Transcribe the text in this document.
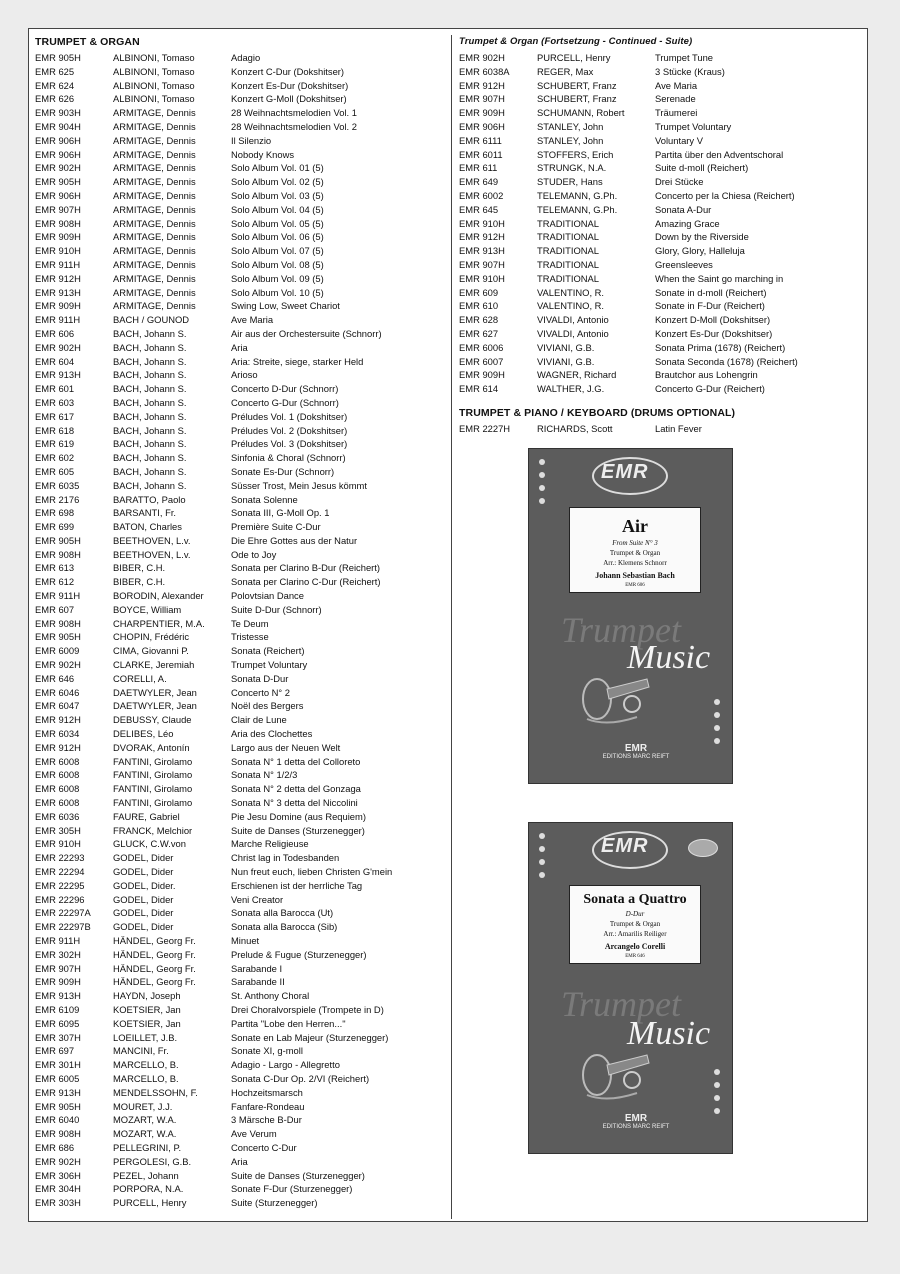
TRUMPET & ORGAN
EMR 905H	ALBINONI, Tomaso	Adagio
EMR 625	ALBINONI, Tomaso	Konzert C-Dur (Dokshitser)
EMR 624	ALBINONI, Tomaso	Konzert Es-Dur (Dokshitser)
EMR 626	ALBINONI, Tomaso	Konzert G-Moll (Dokshitser)
EMR 903H	ARMITAGE, Dennis	28 Weihnachtsmelodien Vol. 1
EMR 904H	ARMITAGE, Dennis	28 Weihnachtsmelodien Vol. 2
EMR 906H	ARMITAGE, Dennis	Il Silenzio
EMR 906H	ARMITAGE, Dennis	Nobody Knows
EMR 902H	ARMITAGE, Dennis	Solo Album Vol. 01 (5)
EMR 905H	ARMITAGE, Dennis	Solo Album Vol. 02 (5)
EMR 906H	ARMITAGE, Dennis	Solo Album Vol. 03 (5)
EMR 907H	ARMITAGE, Dennis	Solo Album Vol. 04 (5)
EMR 908H	ARMITAGE, Dennis	Solo Album Vol. 05 (5)
EMR 909H	ARMITAGE, Dennis	Solo Album Vol. 06 (5)
EMR 910H	ARMITAGE, Dennis	Solo Album Vol. 07 (5)
EMR 911H	ARMITAGE, Dennis	Solo Album Vol. 08 (5)
EMR 912H	ARMITAGE, Dennis	Solo Album Vol. 09 (5)
EMR 913H	ARMITAGE, Dennis	Solo Album Vol. 10 (5)
EMR 909H	ARMITAGE, Dennis	Swing Low, Sweet Chariot
EMR 911H	BACH / GOUNOD	Ave Maria
EMR 606	BACH, Johann S.	Air aus der Orchestersuite (Schnorr)
EMR 902H	BACH, Johann S.	Aria
EMR 604	BACH, Johann S.	Aria: Streite, siege, starker Held
EMR 913H	BACH, Johann S.	Arioso
EMR 601	BACH, Johann S.	Concerto D-Dur (Schnorr)
EMR 603	BACH, Johann S.	Concerto G-Dur (Schnorr)
EMR 617	BACH, Johann S.	Préludes Vol. 1 (Dokshitser)
EMR 618	BACH, Johann S.	Préludes Vol. 2 (Dokshitser)
EMR 619	BACH, Johann S.	Préludes Vol. 3 (Dokshitser)
EMR 602	BACH, Johann S.	Sinfonia & Choral (Schnorr)
EMR 605	BACH, Johann S.	Sonate Es-Dur (Schnorr)
EMR 6035	BACH, Johann S.	Süsser Trost, Mein Jesus kömmt
EMR 2176	BARATTO, Paolo	Sonata Solenne
EMR 698	BARSANTI, Fr.	Sonata III, G-Moll Op. 1
EMR 699	BATON, Charles	Première Suite C-Dur
EMR 905H	BEETHOVEN, L.v.	Die Ehre Gottes aus der Natur
EMR 908H	BEETHOVEN, L.v.	Ode to Joy
EMR 613	BIBER, C.H.	Sonata per Clarino B-Dur (Reichert)
EMR 612	BIBER, C.H.	Sonata per Clarino C-Dur (Reichert)
EMR 911H	BORODIN, Alexander	Polovtsian Dance
EMR 607	BOYCE, William	Suite D-Dur (Schnorr)
EMR 908H	CHARPENTIER, M.A.	Te Deum
EMR 905H	CHOPIN, Frédéric	Tristesse
EMR 6009	CIMA, Giovanni P.	Sonata (Reichert)
EMR 902H	CLARKE, Jeremiah	Trumpet Voluntary
EMR 646	CORELLI, A.	Sonata D-Dur
EMR 6046	DAETWYLER, Jean	Concerto N° 2
EMR 6047	DAETWYLER, Jean	Noël des Bergers
EMR 912H	DEBUSSY, Claude	Clair de Lune
EMR 6034	DELIBES, Léo	Aria des Clochettes
EMR 912H	DVORAK, Antonín	Largo aus der Neuen Welt
EMR 6008	FANTINI, Girolamo	Sonata N° 1 detta del Colloreto
EMR 6008	FANTINI, Girolamo	Sonata N° 1/2/3
EMR 6008	FANTINI, Girolamo	Sonata N° 2 detta del Gonzaga
EMR 6008	FANTINI, Girolamo	Sonata N° 3 detta del Niccolini
EMR 6036	FAURE, Gabriel	Pie Jesu Domine (aus Requiem)
EMR 305H	FRANCK, Melchior	Suite de Danses (Sturzenegger)
EMR 910H	GLUCK, C.W.von	Marche Religieuse
EMR 22293	GODEL, Dider	Christ lag in Todesbanden
EMR 22294	GODEL, Dider	Nun freut euch, lieben Christen G'mein
EMR 22295	GODEL, Dider.	Erschienen ist der herrliche Tag
EMR 22296	GODEL, Dider	Veni Creator
EMR 22297A	GODEL, Dider	Sonata alla Barocca (Ut)
EMR 22297B	GODEL, Dider	Sonata alla Barocca (Sib)
EMR 911H	HÄNDEL, Georg Fr.	Minuet
EMR 302H	HÄNDEL, Georg Fr.	Prelude & Fugue (Sturzenegger)
EMR 907H	HÄNDEL, Georg Fr.	Sarabande I
EMR 909H	HÄNDEL, Georg Fr.	Sarabande II
EMR 913H	HAYDN, Joseph	St. Anthony Choral
EMR 6109	KOETSIER, Jan	Drei Choralvorspiele (Trompete in D)
EMR 6095	KOETSIER, Jan	Partita "Lobe den Herren..."
EMR 307H	LOEILLET, J.B.	Sonate en Lab Majeur (Sturzenegger)
EMR 697	MANCINI, Fr.	Sonate XI, g-moll
EMR 301H	MARCELLO, B.	Adagio - Largo - Allegretto
EMR 6005	MARCELLO, B.	Sonata C-Dur Op. 2/VI (Reichert)
EMR 913H	MENDELSSOHN, F.	Hochzeitsmarsch
EMR 905H	MOURET, J.J.	Fanfare-Rondeau
EMR 6040	MOZART, W.A.	3 Märsche B-Dur
EMR 908H	MOZART, W.A.	Ave Verum
EMR 686	PELLEGRINI, P.	Concerto C-Dur
EMR 902H	PERGOLESI, G.B.	Aria
EMR 306H	PEZEL, Johann	Suite de Danses (Sturzenegger)
EMR 304H	PORPORA, N.A.	Sonate F-Dur (Sturzenegger)
EMR 303H	PURCELL, Henry	Suite (Sturzenegger)
Trumpet & Organ (Fortsetzung - Continued - Suite)
EMR 902H	PURCELL, Henry	Trumpet Tune
EMR 6038A	REGER, Max	3 Stücke (Kraus)
EMR 912H	SCHUBERT, Franz	Ave Maria
EMR 907H	SCHUBERT, Franz	Serenade
EMR 909H	SCHUMANN, Robert	Träumerei
EMR 906H	STANLEY, John	Trumpet Voluntary
EMR 6111	STANLEY, John	Voluntary V
EMR 6011	STOFFERS, Erich	Partita über den Adventschoral
EMR 611	STRUNGK, N.A.	Suite d-moll (Reichert)
EMR 649	STUDER, Hans	Drei Stücke
EMR 6002	TELEMANN, G.Ph.	Concerto per la Chiesa (Reichert)
EMR 645	TELEMANN, G.Ph.	Sonata A-Dur
EMR 910H	TRADITIONAL	Amazing Grace
EMR 912H	TRADITIONAL	Down by the Riverside
EMR 913H	TRADITIONAL	Glory, Glory, Halleluja
EMR 907H	TRADITIONAL	Greensleeves
EMR 910H	TRADITIONAL	When the Saint go marching in
EMR 609	VALENTINO, R.	Sonate in d-moll (Reichert)
EMR 610	VALENTINO, R.	Sonate in F-Dur (Reichert)
EMR 628	VIVALDI, Antonio	Konzert D-Moll (Dokshitser)
EMR 627	VIVALDI, Antonio	Konzert Es-Dur (Dokshitser)
EMR 6006	VIVIANI, G.B.	Sonata Prima (1678) (Reichert)
EMR 6007	VIVIANI, G.B.	Sonata Seconda (1678) (Reichert)
EMR 909H	WAGNER, Richard	Brautchor aus Lohengrin
EMR 614	WALTHER, J.G.	Concerto G-Dur (Reichert)
TRUMPET & PIANO / KEYBOARD (DRUMS OPTIONAL)
EMR 2227H	RICHARDS, Scott	Latin Fever
EMR
Air
From Suite N° 3
Trumpet & Organ
Arr.: Klemens Schnorr
Johann Sebastian Bach
EMR 606
Trumpet
Music
EMR
EDITIONS MARC REIFT
EMR
Sonata a Quattro
D-Dur
Trumpet & Organ
Arr.: Amarilis Reiliger
Arcangelo Corelli
EMR 646
Trumpet
Music
EMR
EDITIONS MARC REIFT
